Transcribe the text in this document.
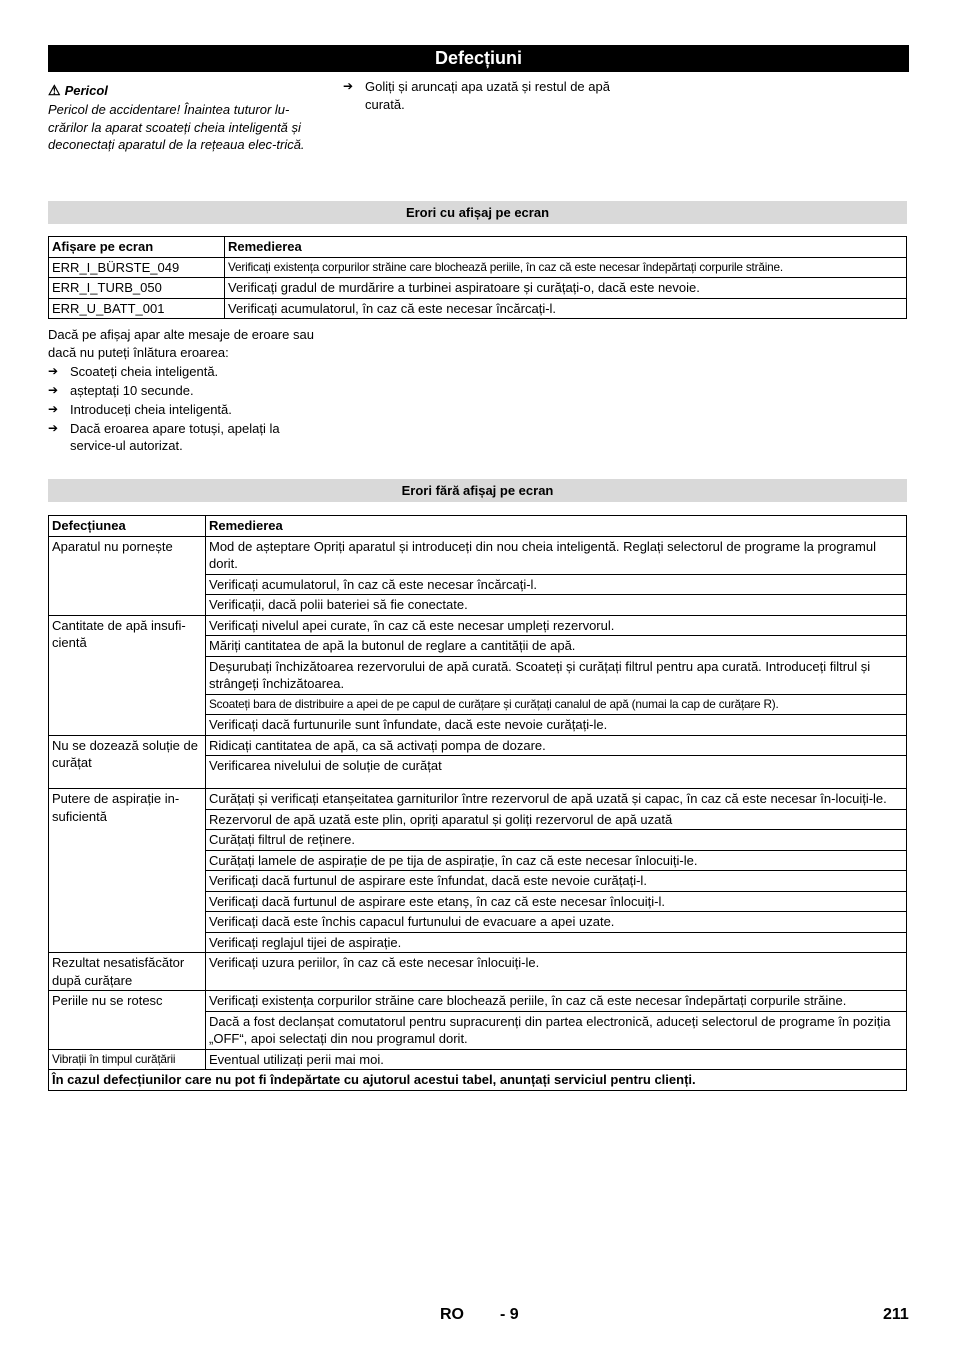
Defecțiuni
⚠ Pericol
Pericol de accidentare! Înaintea tuturor lu-crărilor la aparat scoateți cheia inteligentă și deconectați aparatul de la rețeaua elec-trică.
➔ Goliți și aruncați apa uzată și restul de apă curată.
Erori cu afișaj pe ecran
Afișare pe ecran	Remedierea
ERR_I_BÜRSTE_049	Verificați existența corpurilor străine care blochează periile, în caz că este necesar îndepărtați corpurile străine.
ERR_I_TURB_050	Verificați gradul de murdărire a turbinei aspiratoare și curățați-o, dacă este nevoie.
ERR_U_BATT_001	Verificați acumulatorul, în caz că este necesar încărcați-l.
Dacă pe afișaj apar alte mesaje de eroare sau dacă nu puteți înlătura eroarea:
➔ Scoateți cheia inteligentă.
➔ așteptați 10 secunde.
➔ Introduceți cheia inteligentă.
➔ Dacă eroarea apare totuși, apelați la service-ul autorizat.
Erori fără afișaj pe ecran
Defecțiunea	Remedierea
Aparatul nu pornește	Mod de așteptare Opriți aparatul și introduceți din nou cheia inteligentă. Reglați selectorul de programe la programul dorit.
	Verificați acumulatorul, în caz că este necesar încărcați-l.
	Verificații, dacă polii bateriei să fie conectate.
Cantitate de apă insufi-cientă	Verificați nivelul apei curate, în caz că este necesar umpleți rezervorul.
	Măriți cantitatea de apă la butonul de reglare a cantității de apă.
	Deșurubați închizătoarea rezervorului de apă curată. Scoateți și curățați filtrul pentru apa curată. Introduceți filtrul și strângeți închizătoarea.
	Scoateți bara de distribuire a apei de pe capul de curățare și curățați canalul de apă (numai la cap de curățare R).
	Verificați dacă furtunurile sunt înfundate, dacă este nevoie curățați-le.
Nu se dozează soluție de curățat	Ridicați cantitatea de apă, ca să activați pompa de dozare.
	Verificarea nivelului de soluție de curățat
Putere de aspirație in-suficientă	Curățați și verificați etanșeitatea garniturilor între rezervorul de apă uzată și capac, în caz că este necesar în-locuiți-le.
	Rezervorul de apă uzată este plin, opriți aparatul și goliți rezervorul de apă uzată
	Curățați filtrul de reținere.
	Curățați lamele de aspirație de pe tija de aspirație, în caz că este necesar înlocuiți-le.
	Verificați dacă furtunul de aspirare este înfundat, dacă este nevoie curățați-l.
	Verificați dacă furtunul de aspirare este etanș, în caz că este necesar înlocuiți-l.
	Verificați dacă este închis capacul furtunului de evacuare a apei uzate.
	Verificați reglajul tijei de aspirație.
Rezultat nesatisfăcător după curățare	Verificați uzura periilor, în caz că este necesar înlocuiți-le.
Periile nu se rotesc	Verificați existența corpurilor străine care blochează periile, în caz că este necesar îndepărtați corpurile străine.
	Dacă a fost declanșat comutatorul pentru supracurenți din partea electronică, aduceți selectorul de programe în poziția „OFF“, apoi selectați din nou programul dorit.
Vibrații în timpul curățării	Eventual utilizați perii mai moi.
În cazul defecțiunilor care nu pot fi îndepărtate cu ajutorul acestui tabel, anunțați serviciul pentru clienți.	
RO - 9	211
